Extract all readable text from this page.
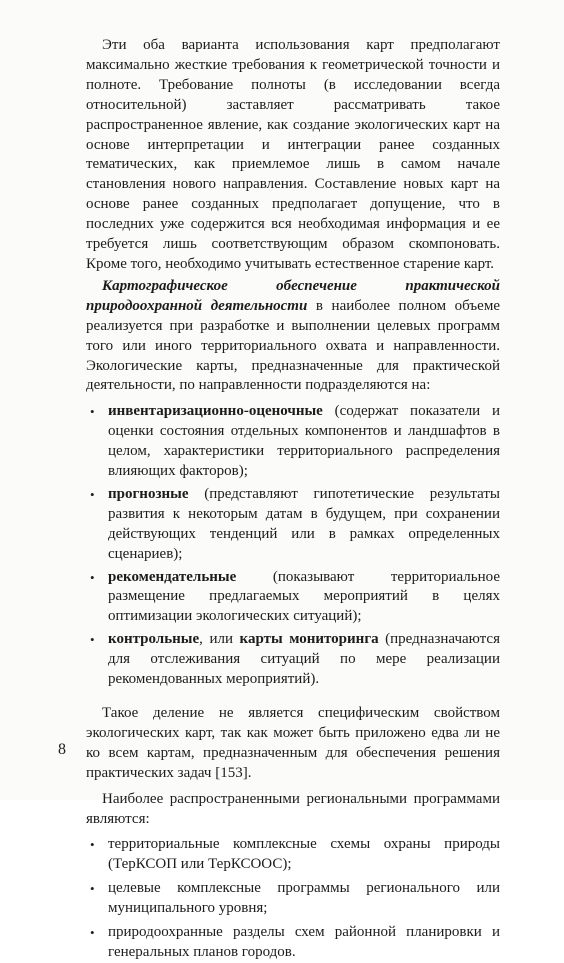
Эти оба варианта использования карт предполагают максимально жесткие требования к геометрической точности и полноте. Требование полноты (в исследовании всегда относительной) заставляет рассматривать такое распространенное явление, как создание экологических карт на основе интерпретации и интеграции ранее созданных тематических, как приемлемое лишь в самом начале становления нового направления. Составление новых карт на основе ранее созданных предполагает допущение, что в последних уже содержится вся необходимая информация и ее требуется лишь соответствующим образом скомпоновать. Кроме того, необходимо учитывать естественное старение карт.

Картографическое обеспечение практической природоохранной деятельности в наиболее полном объеме реализуется при разработке и выполнении целевых программ того или иного территориального охвата и направленности. Экологические карты, предназначенные для практической деятельности, по направленности подразделяются на:

• инвентаризационно-оценочные (содержат показатели и оценки состояния отдельных компонентов и ландшафтов в целом, характеристики территориального распределения влияющих факторов);
• прогнозные (представляют гипотетические результаты развития к некоторым датам в будущем, при сохранении действующих тенденций или в рамках определенных сценариев);
• рекомендательные (показывают территориальное размещение предлагаемых мероприятий в целях оптимизации экологических ситуаций);
• контрольные, или карты мониторинга (предназначаются для отслеживания ситуаций по мере реализации рекомендованных мероприятий).

Такое деление не является специфическим свойством экологических карт, так как может быть приложено едва ли не ко всем картам, предназначенным для обеспечения решения практических задач [153].

Наиболее распространенными региональными программами являются:

• территориальные комплексные схемы охраны природы (ТерКСОП или ТерКСООС);
• целевые комплексные программы регионального или муниципального уровня;
• природоохранные разделы схем районной планировки и генеральных планов городов.
8
